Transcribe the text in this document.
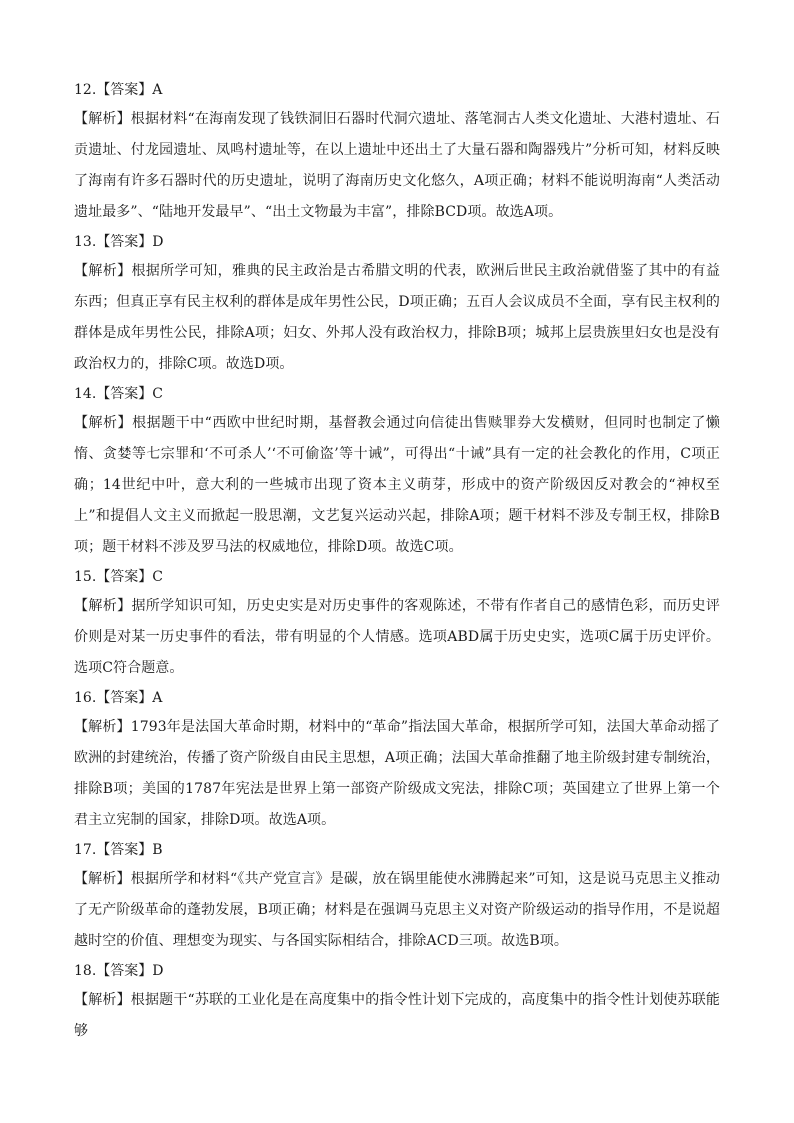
12.【答案】A
【解析】根据材料“在海南发现了钱铁洞旧石器时代洞穴遗址、落笔洞古人类文化遗址、大港村遗址、石贡遗址、付龙园遗址、凤鸣村遗址等，在以上遗址中还出土了大量石器和陶器残片”分析可知，材料反映了海南有许多石器时代的历史遗址，说明了海南历史文化悠久，A项正确；材料不能说明海南“人类活动遗址最多”、“陆地开发最早”、“出土文物最为丰富”，排除BCD项。故选A项。
13.【答案】D
【解析】根据所学可知，雅典的民主政治是古希腊文明的代表，欧洲后世民主政治就借鉴了其中的有益东西；但真正享有民主权利的群体是成年男性公民，D项正确；五百人会议成员不全面，享有民主权利的群体是成年男性公民，排除A项；妇女、外邦人没有政治权力，排除B项；城邦上层贵族里妇女也是没有政治权力的，排除C项。故选D项。
14.【答案】C
【解析】根据题干中“西欧中世纪时期，基督教会通过向信徒出售赎罪券大发横财，但同时也制定了懒惰、贪婪等七宗罪和‘不可杀人’‘不可偷盗’等十诫”，可得出“十诫”具有一定的社会教化的作用，C项正确；14世纪中叶，意大利的一些城市出现了资本主义萌芽，形成中的资产阶级因反对教会的“神权至上”和提倡人文主义而掀起一股思潮，文艺复兴运动兴起，排除A项；题干材料不涉及专制王权，排除B项；题干材料不涉及罗马法的权威地位，排除D项。故选C项。
15.【答案】C
【解析】据所学知识可知，历史史实是对历史事件的客观陈述，不带有作者自己的感情色彩，而历史评价则是对某一历史事件的看法，带有明显的个人情感。选项ABD属于历史史实，选项C属于历史评价。选项C符合题意。
16.【答案】A
【解析】1793年是法国大革命时期，材料中的“革命”指法国大革命，根据所学可知，法国大革命动摇了欧洲的封建统治，传播了资产阶级自由民主思想，A项正确；法国大革命推翻了地主阶级封建专制统治，排除B项；美国的1787年宪法是世界上第一部资产阶级成文宪法，排除C项；英国建立了世界上第一个君主立宪制的国家，排除D项。故选A项。
17.【答案】B
【解析】根据所学和材料“《共产党宣言》是碳，放在锅里能使水沸腾起来”可知，这是说马克思主义推动了无产阶级革命的蓬勃发展，B项正确；材料是在强调马克思主义对资产阶级运动的指导作用，不是说超越时空的价值、理想变为现实、与各国实际相结合，排除ACD三项。故选B项。
18.【答案】D
【解析】根据题干“苏联的工业化是在高度集中的指令性计划下完成的，高度集中的指令性计划使苏联能够
